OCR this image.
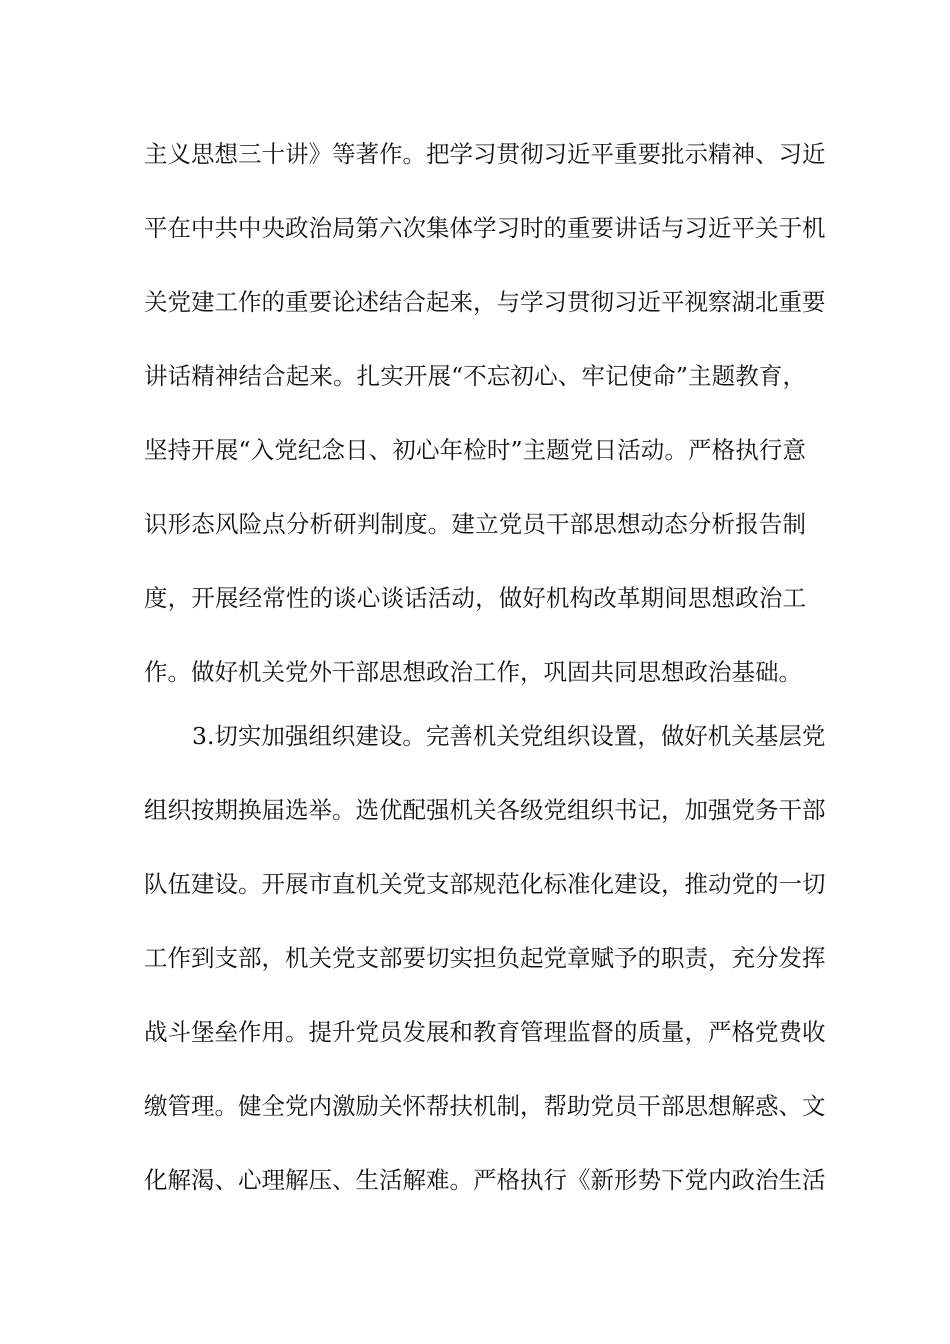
主义思想三十讲》等著作。把学习贯彻习近平重要批示精神、习近
平在中共中央政治局第六次集体学习时的重要讲话与习近平关于机
关党建工作的重要论述结合起来，与学习贯彻习近平视察湖北重要
讲话精神结合起来。扎实开展“不忘初心、牢记使命”主题教育，
坚持开展“入党纪念日、初心年检时”主题党日活动。严格执行意
识形态风险点分析研判制度。建立党员干部思想动态分析报告制
度，开展经常性的谈心谈话活动，做好机构改革期间思想政治工
作。做好机关党外干部思想政治工作，巩固共同思想政治基础。
3.切实加强组织建设。完善机关党组织设置，做好机关基层党
组织按期换届选举。选优配强机关各级党组织书记，加强党务干部
队伍建设。开展市直机关党支部规范化标准化建设，推动党的一切
工作到支部，机关党支部要切实担负起党章赋予的职责，充分发挥
战斗堡垒作用。提升党员发展和教育管理监督的质量，严格党费收
缴管理。健全党内激励关怀帮扶机制，帮助党员干部思想解惑、文
化解渴、心理解压、生活解难。严格执行《新形势下党内政治生活
